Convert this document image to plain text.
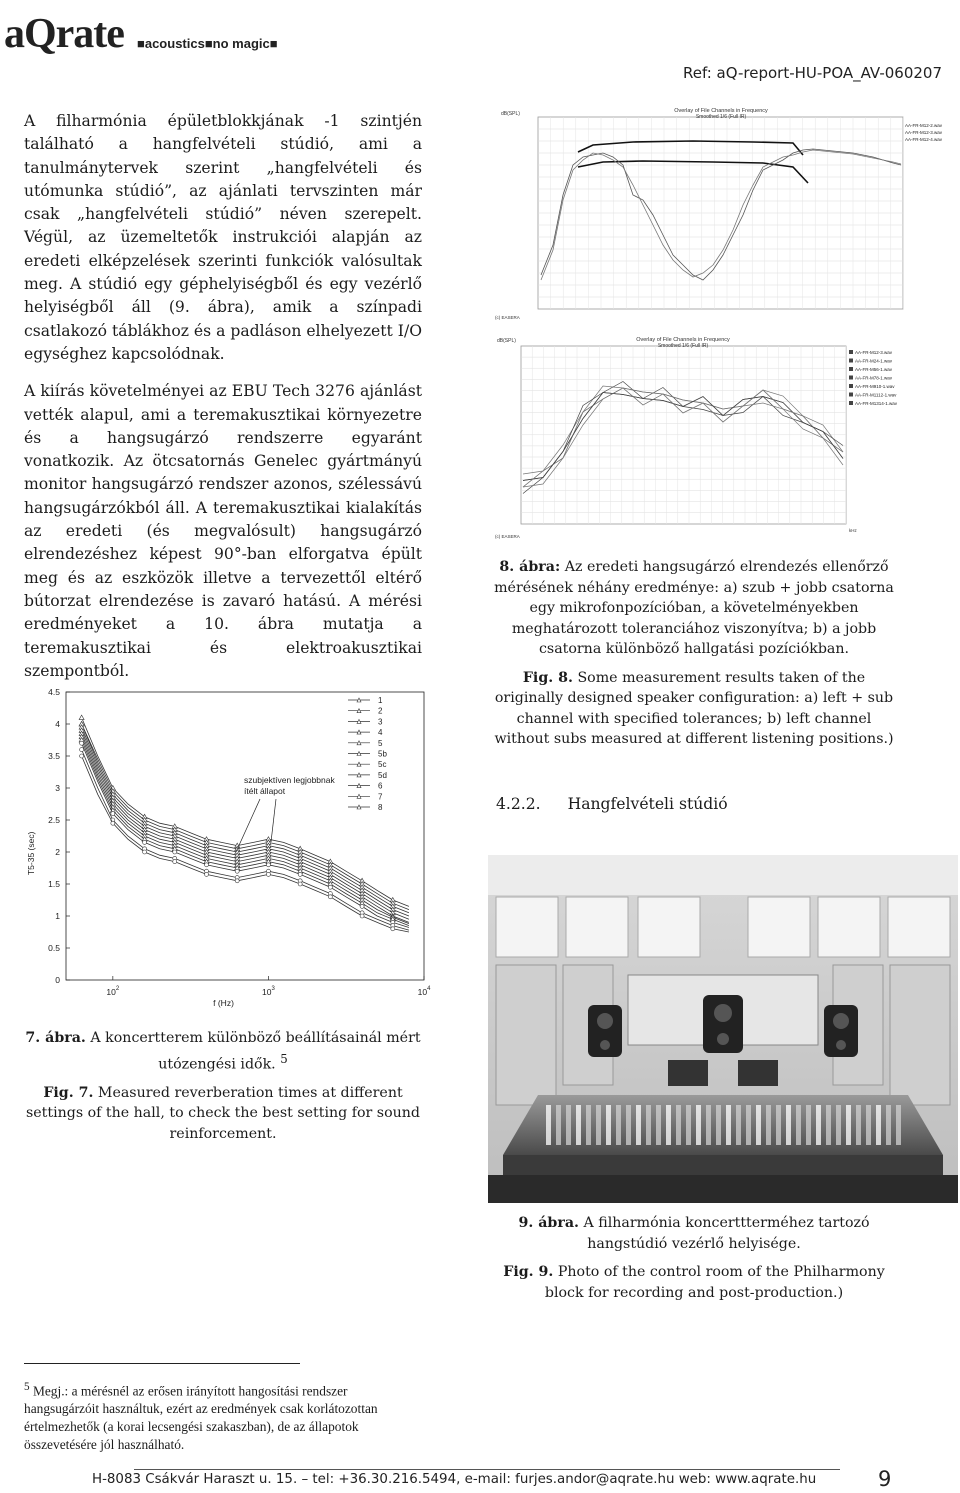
aQrate ■acoustics■no magic■
Ref: aQ-report-HU-POA_AV-060207

A filharmónia épületblokkjának -1 szintjén található a hangfelvételi stúdió, ami a tanulmánytervek szerint „hangfelvételi és utómunka stúdió”, az ajánlati tervszinten már csak „hangfelvételi stúdió” néven szerepelt. Végül, az üzemeltetők instrukciói alapján az eredeti elképzelések szerinti funkciók valósultak meg. A stúdió egy géphelyiségből és egy vezérlő helyiségből áll (9. ábra), amik a színpadi csatlakozó táblákhoz és a padláson elhelyezett I/O egységhez kapcsolódnak.

A kiírás követelményei az EBU Tech 3276 ajánlást vették alapul, ami a teremakusztikai környezetre és a hangsugárzó rendszerre egyaránt vonatkozik. Az ötcsatornás Genelec gyártmányú monitor hangsugárzó rendszer azonos, szélessávú hangsugárzókból áll. A teremakusztikai kialakítás az eredeti (és megvalósult) hangsugárzó elrendezéshez képest 90°-ban elforgatva épült meg és az eszközök illetve a tervezettől eltérő bútorzat elrendezése is zavaró hatású. A mérési eredményeket a 10. ábra mutatja a teremakusztikai és elektroakusztikai szempontból.

0
0.5
1
1.5
2
2.5
3
3.5
4
4.5
$10^2$	$10^3$	$10^4$
f (Hz)
T5-35 (sec)
1
2
3
4
5
5b
5c
5d
6
7
8
szubjektíven legjobbnak
ítélt állapot
7. ábra. A koncertterem különböző beállításainál mért utózengési idők. $^5$
Fig. 7. Measured reverberation times at different settings of the hall, to check the best setting for sound reinforcement.
Overlay of File Channels in Frequency
Smoothed 1/6 (Full IR)
dB(SPL)
(c) EASERA
AA-FR-M12-2.wav
AA-FR-M12-3.wav
AA-FR-M12-4.wav
Overlay of File Channels in Frequency
Smoothed 1/6 (Full IR)
dB(SPL)
(c) EASERA
kHz
AA-FR-M12-3.wav
AA-FR-M24-1.wav
AA-FR-M56-1.wav
AA-FR-M78-1.wav
AA-FR-M910-1.wav
AA-FR-M1112-1.wav
AA-FR-M1314-1.wav
8. ábra: Az eredeti hangsugárzó elrendezés ellenőrző mérésének néhány eredménye: a) szub + jobb csatorna egy mikrofonpozícióban, a követelményekben meghatározott toleranciához viszonyítva; b) a jobb csatorna különböző hallgatási pozíciókban.
Fig. 8. Some measurement results taken of the originally designed speaker configuration: a) left + sub channel with specified tolerances; b) left channel without subs measured at different listening positions.)
4.2.2. Hangfelvételi stúdió
9. ábra. A filharmónia koncerttterméhez tartozó hangstúdió vezérlő helyisége.
Fig. 9. Photo of the control room of the Philharmony block for recording and post-production.)
$^5$ Megj.: a mérésnél az erősen irányított hangosítási rendszer hangsugárzóit használtuk, ezért az eredmények csak korlátozottan értelmezhetők (a korai lecsengési szakaszban), de az állapotok összevetésére jól használható.
H-8083 Csákvár Haraszt u. 15. – tel: +36.30.216.5494, e-mail: furjes.andor@aqrate.hu web: www.aqrate.hu	9
